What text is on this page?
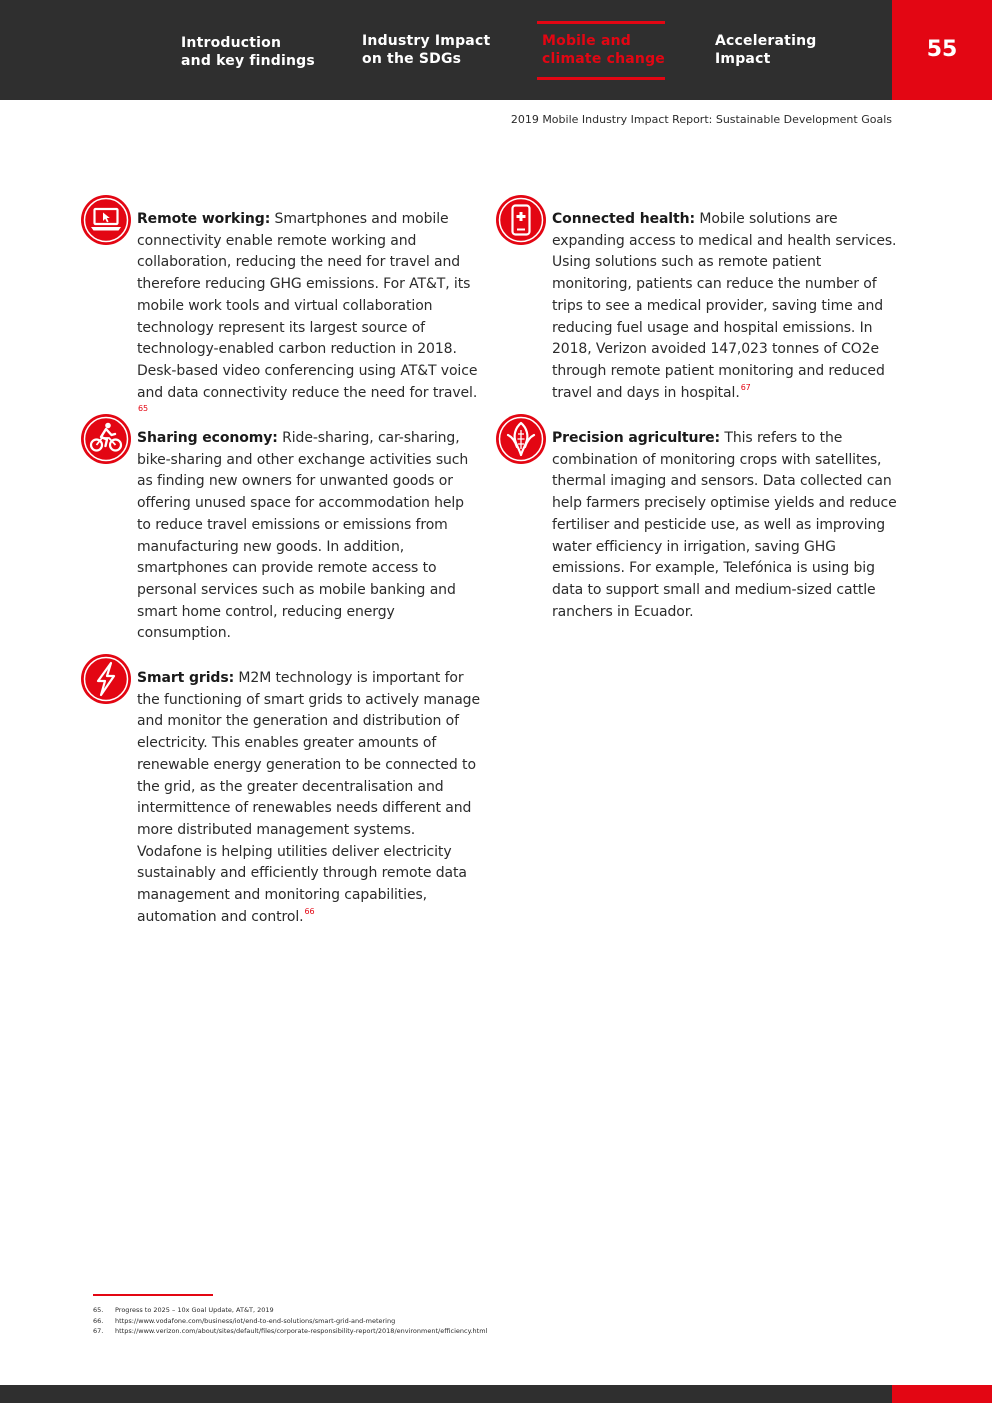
Introduction
and key findings

Industry Impact
on the SDGs

Mobile and
climate change

Accelerating
Impact	55
2019 Mobile Industry Impact Report: Sustainable Development Goals

Remote working: Smartphones and mobile connectivity enable remote working and collaboration, reducing the need for travel and therefore reducing GHG emissions. For AT&T, its mobile work tools and virtual collaboration technology represent its largest source of technology-enabled carbon reduction in 2018. Desk-based video conferencing using AT&T voice and data connectivity reduce the need for travel. $^{65}$

Connected health: Mobile solutions are expanding access to medical and health services. Using solutions such as remote patient monitoring, patients can reduce the number of trips to see a medical provider, saving time and reducing fuel usage and hospital emissions. In 2018, Verizon avoided 147,023 tonnes of CO2e through remote patient monitoring and reduced travel and days in hospital.$^{67}$

Sharing economy: Ride-sharing, car-sharing, bike-sharing and other exchange activities such as finding new owners for unwanted goods or offering unused space for accommodation help to reduce travel emissions or emissions from manufacturing new goods. In addition, smartphones can provide remote access to personal services such as mobile banking and smart home control, reducing energy consumption.

Precision agriculture: This refers to the combination of monitoring crops with satellites, thermal imaging and sensors. Data collected can help farmers precisely optimise yields and reduce fertiliser and pesticide use, as well as improving water efficiency in irrigation, saving GHG emissions. For example, Telefónica is using big data to support small and medium-sized cattle ranchers in Ecuador.

Smart grids: M2M technology is important for the functioning of smart grids to actively manage and monitor the generation and distribution of electricity. This enables greater amounts of renewable energy generation to be connected to the grid, as the greater decentralisation and intermittence of renewables needs different and more distributed management systems. Vodafone is helping utilities deliver electricity sustainably and efficiently through remote data management and monitoring capabilities, automation and control.$^{66}$

65. Progress to 2025 – 10x Goal Update, AT&T, 2019
66. https://www.vodafone.com/business/iot/end-to-end-solutions/smart-grid-and-metering
67. https://www.verizon.com/about/sites/default/files/corporate-responsibility-report/2018/environment/efficiency.html
